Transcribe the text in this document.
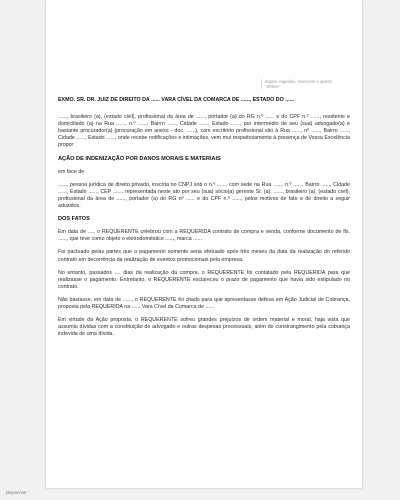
depois seguidos, selecione o aperte "Delete"

EXMO. SR. DR. JUIZ DE DIREITO DA ...... VARA CÍVEL DA COMARCA DE ......, ESTADO DO ......

......, brasileiro (a), (estado civil), profissional da área de ......, portador (a) do RG n.º ...... e do CPF n.º ......, residente e domiciliado (a) na Rua ......, n.º ......, Bairro ......, Cidade ......, Estado ......, por intermédio de seu (sua) advogado(a) e bastante procurador(a) (procuração em anexo - doc. ......), com escritório profissional sito à Rua ......, nº ......, Bairro ......, Cidade ......, Estado ......, onde recebe notificações e intimações, vem mui respeitosamente à presença de Vossa Excelência propor

AÇÃO DE INDENIZAÇÃO POR DANOS MORAIS E MATERIAIS

em face de

......, pessoa jurídica de direito privado, inscrita no CNPJ sob o n.º ......, com sede na Rua ......, n.º ......, Bairro ......, Cidade ......, Estado ......, CEP ......, representada neste ato por seu (sua) sócio(a) gerente Sr. (a). ......, brasileiro (a), (estado civil), profissional da área de ......, portador (a) do RG nº ...... e do CPF n.º ......, pelos motivos de fato e de direito a seguir aduzidos.

DOS FATOS

Em data de ...., o REQUERENTE celebrou com a REQUERIDA contrato de compra e venda, conforme documento de fls. ......, que teve como objeto o eletrodoméstico ......, marca ......

Foi pactuado pelas partes que o pagamento somente seria efetuado após três meses da data da realização do referido contrato em decorrência da realização de eventos promocionais pela empresa.

No entanto, passados .... dias da realização da compra, o REQUERENTE foi contatado pela REQUERIDA para que realizasse o pagamento. Entretanto, o REQUERENTE esclareceu o prazo de pagamento que havia sido estipulado no contrato.

Não bastasse, em data de ......, o REQUERENTE foi citado para que apresentasse defesa em Ação Judicial de Cobrança, proposta pela REQUERIDA na ...... Vara Cível da Comarca de ......

Em virtude da Ação proposta, o REQUERENTE sofreu grandes prejuízos de ordem material e moral, haja vista que assumiu dívidas com a constituição de advogado e outras despesas processuais, além do constrangimento pela cobrança indevida de uma dívida.

Disponível
